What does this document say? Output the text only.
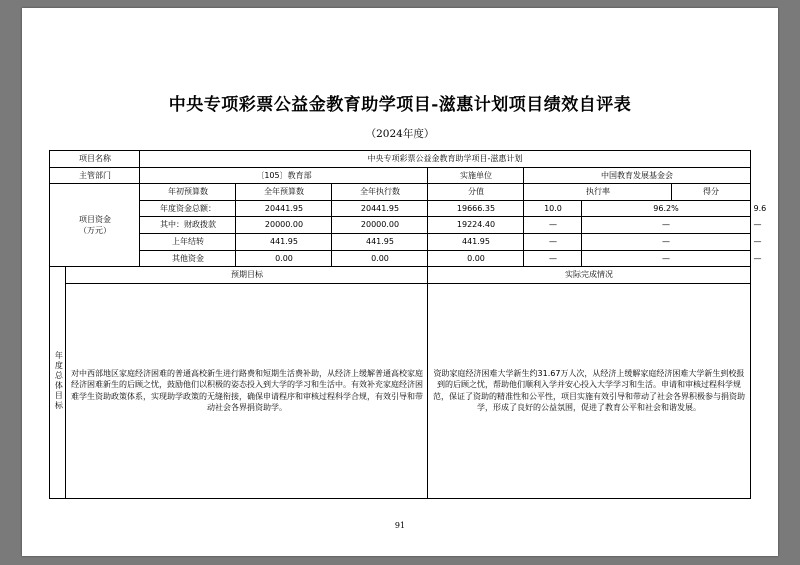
中央专项彩票公益金教育助学项目-滋惠计划项目绩效自评表
（2024年度）
项目名称		中央专项彩票公益金教育助学项目-滋惠计划							
主管部门		〔105〕教育部			实施单位	中国教育发展基金会			

项目资金
（万元）		年初预算数	全年预算数	全年执行数	分值	执行率		得分	
		年度资金总额：	20441.95	20441.95	19666.35	10.0	96.2%		9.6
		其中：财政拨款	20000.00	20000.00	19224.40	—	—		—
		上年结转	441.95	441.95	441.95	—	—		—
		其他资金	0.00	0.00	0.00	—	—		—
年度总体目标	预期目标				实际完成情况				
	对中西部地区家庭经济困难的普通高校新生进行路费和短期生活费补助，从经济上缓解普通高校家庭经济困难新生的后顾之忧，鼓励他们以积极的姿态投入到大学的学习和生活中。有效补充家庭经济困难学生资助政策体系，实现助学政策的无缝衔接，确保申请程序和审核过程科学合规，有效引导和带动社会各界捐资助学。				资助家庭经济困难大学新生约31.67万人次，从经济上缓解家庭经济困难大学新生到校报到的后顾之忧，帮助他们顺利入学并安心投入大学学习和生活。申请和审核过程科学规范，保证了资助的精准性和公平性，项目实施有效引导和带动了社会各界积极参与捐资助学，形成了良好的公益氛围，促进了教育公平和社会和谐发展。				
91
